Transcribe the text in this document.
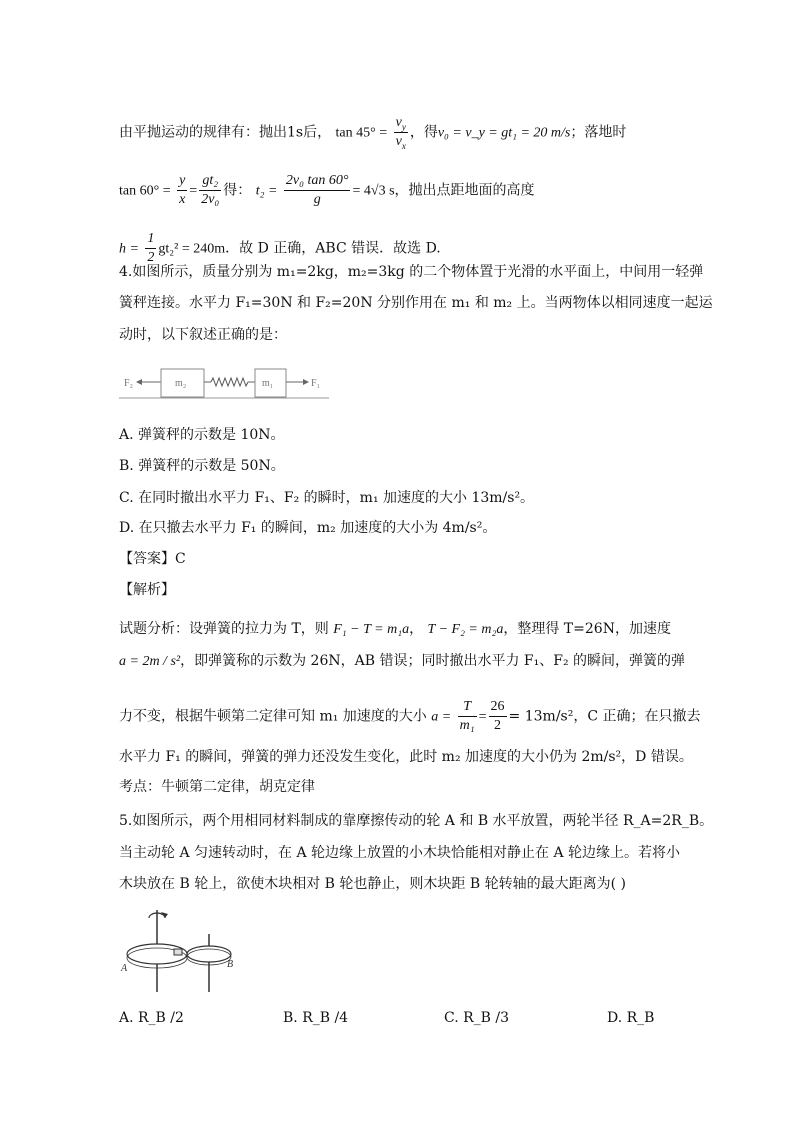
由平抛运动的规律有：抛出1s后， $\tan 45^\circ = \frac{v_y}{v_x}$ ，得v₀ = v_y = gt₁ = 20 m/s；落地时
$\tan 60^\circ = \frac{y}{x} = \frac{\text{gt₂}}{\text{2v₀}}$ 得： $t_2 = \frac{\text{2v₀ tan 60°}}{g} = 4√3$ s，抛出点距地面的高度
$h = \frac{1}{2} gt_2^2 = 240m$．故 D 正确，ABC 错误．故选 D.
4.如图所示，质量分别为 m₁=2kg，m₂=3kg 的二个物体置于光滑的水平面上，中间用一轻弹
簧秤连接。水平力 F₁=30N 和 F₂=20N 分别作用在 m₁ 和 m₂ 上。当两物体以相同速度一起运
动时，以下叙述正确的是：
F₂	m₂	m₁	F₁
A. 弹簧秤的示数是 10N。
B. 弹簧秤的示数是 50N。
C. 在同时撤出水平力 F₁、F₂ 的瞬时，m₁ 加速度的大小 13m/s²。
D. 在只撤去水平力 F₁ 的瞬间，m₂ 加速度的大小为 4m/s²。
【答案】C
【解析】
试题分析：设弹簧的拉力为 T，则 F₁ − T = m₁a， T − F₂ = m₂a，整理得 T=26N，加速度
a = 2m / s²，即弹簧称的示数为 26N，AB 错误；同时撤出水平力 F₁、F₂ 的瞬间，弹簧的弹
力不变，根据牛顿第二定律可知 m₁ 加速度的大小 $a = \frac{T}{\text{m₁}} = \frac{26}{2} = 13m/s^2$，C 正确；在只撤去
水平力 F₁ 的瞬间，弹簧的弹力还没发生变化，此时 m₂ 加速度的大小仍为 2m/s²，D 错误。
考点：牛顿第二定律，胡克定律
5.如图所示，两个用相同材料制成的靠摩擦传动的轮 A 和 B 水平放置，两轮半径 R_A=2R_B。
当主动轮 A 匀速转动时，在 A 轮边缘上放置的小木块恰能相对静止在 A 轮边缘上。若将小
木块放在 B 轮上，欲使木块相对 B 轮也静止，则木块距 B 轮转轴的最大距离为( )
A	B
A. R_B /2	B. R_B /4	C. R_B /3	D. R_B
